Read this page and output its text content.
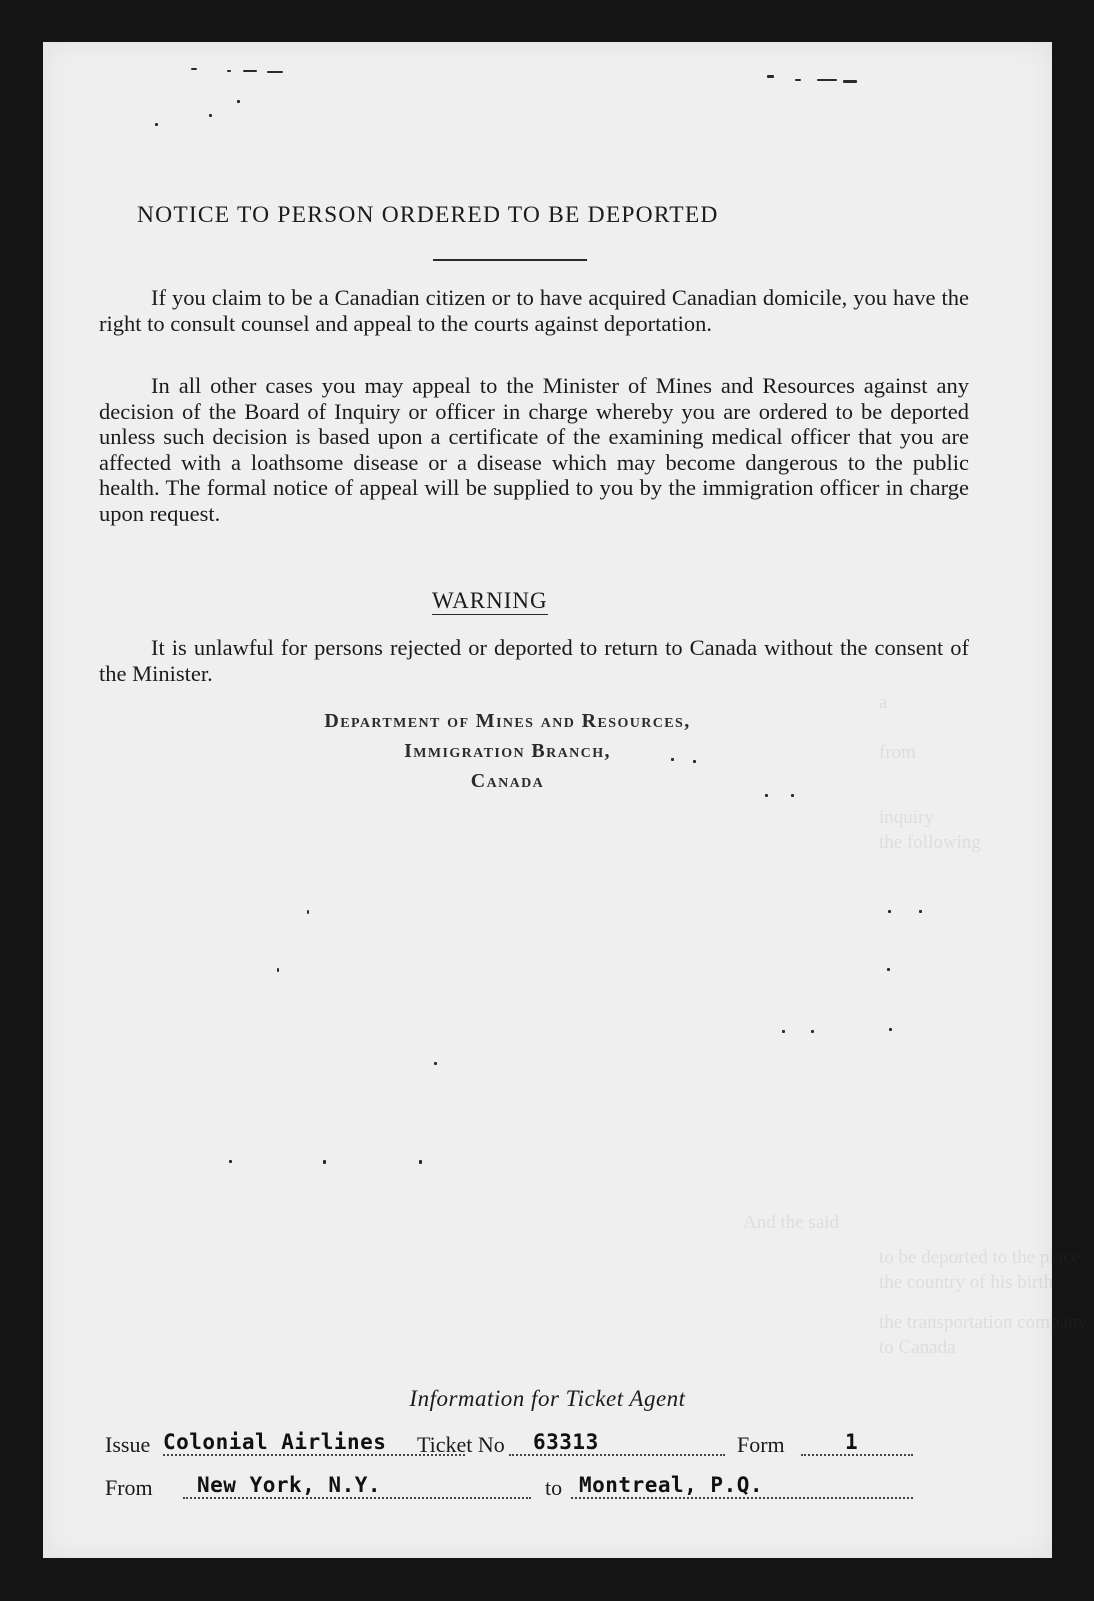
a
from
inquiry
the following
And the said
to be deported to the place
the country of his birth
the transportation company
to Canada
NOTICE TO PERSON ORDERED TO BE DEPORTED

If you claim to be a Canadian citizen or to have acquired Canadian domicile, you have the right to consult counsel and appeal to the courts against deportation.

In all other cases you may appeal to the Minister of Mines and Resources against any decision of the Board of Inquiry or officer in charge whereby you are ordered to be deported unless such decision is based upon a certificate of the examining medical officer that you are affected with a loathsome disease or a disease which may become dangerous to the public health. The formal notice of appeal will be supplied to you by the immigration officer in charge upon request.

WARNING

It is unlawful for persons rejected or deported to return to Canada without the consent of the Minister.

Department of Mines and Resources,
Immigration Branch,
Canada
Information for Ticket Agent
Issue Colonial Airlines Ticket No 63313	Form	1
From New York, N.Y.	to Montreal, P.Q.
